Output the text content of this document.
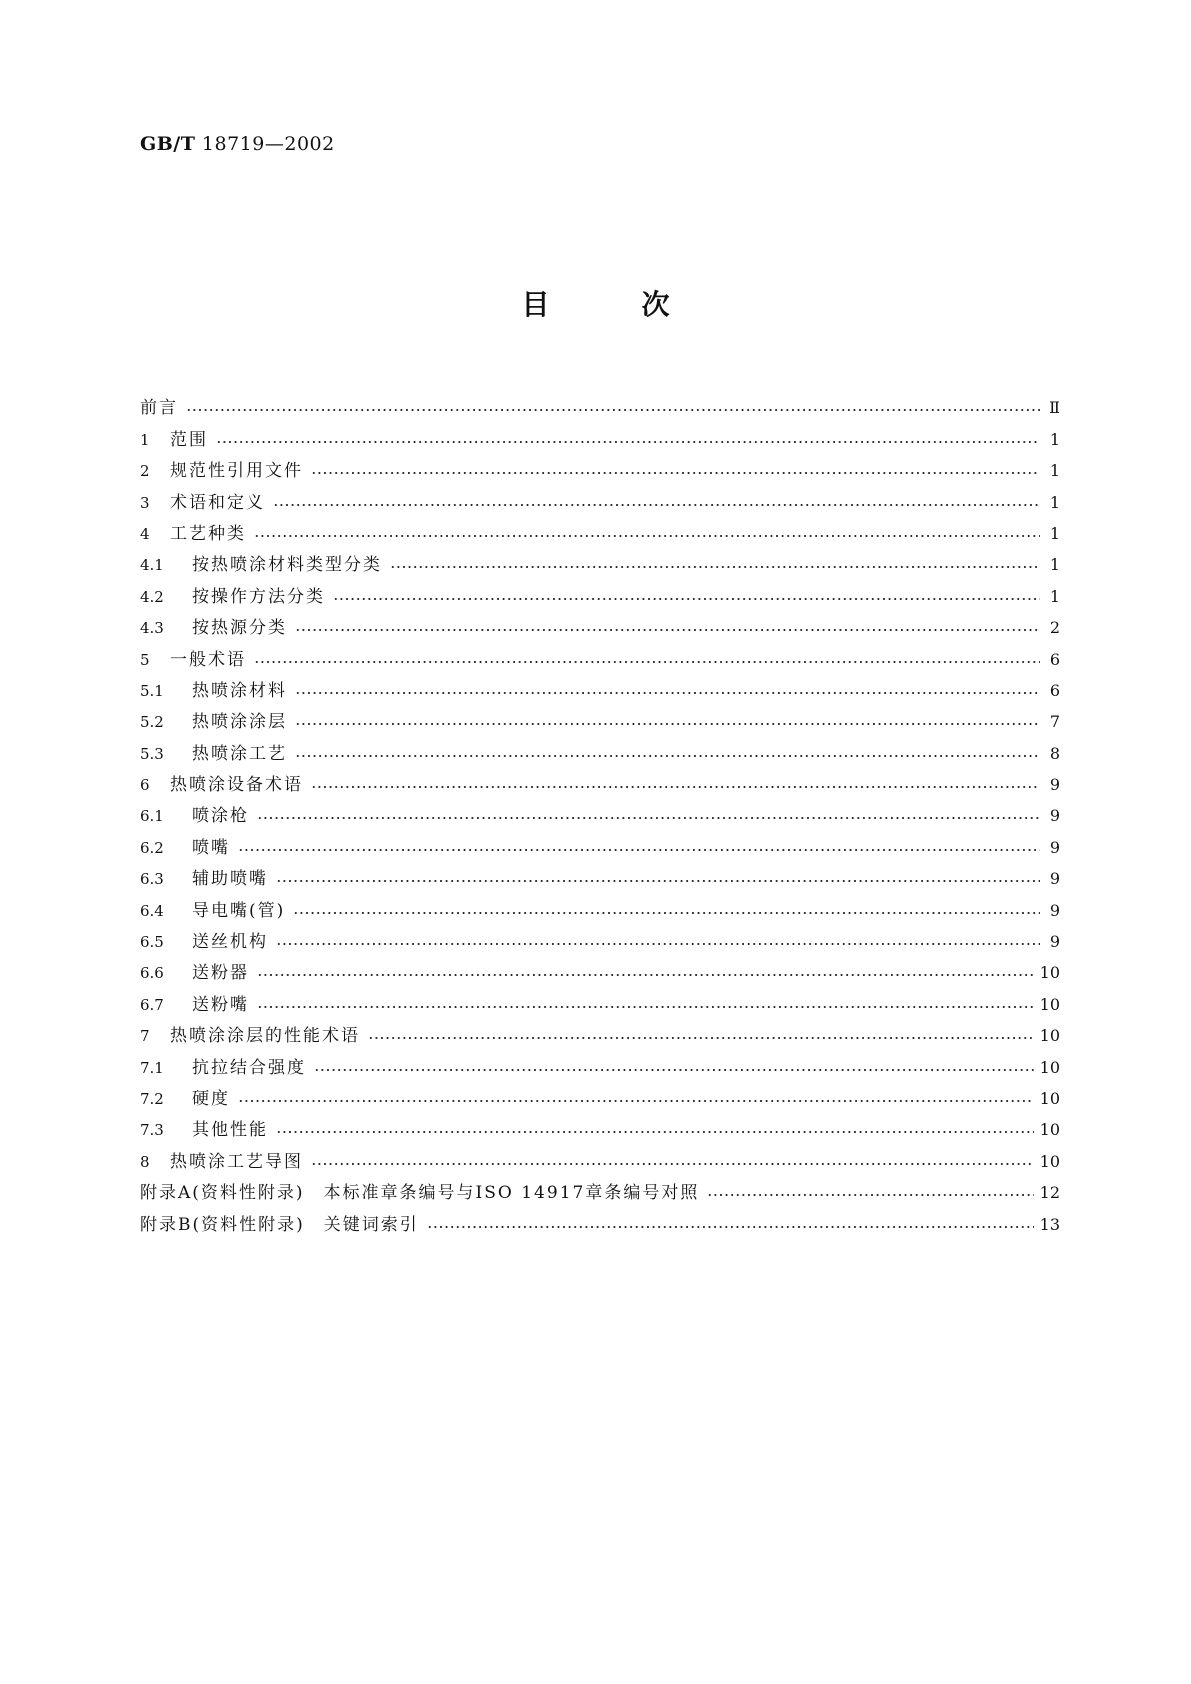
GB/T 18719—2002
目	次
前言	Ⅱ
1	范围	1
2	规范性引用文件	1
3	术语和定义	1
4	工艺种类	1
4.1	按热喷涂材料类型分类	1
4.2	按操作方法分类	1
4.3	按热源分类	2
5	一般术语	6
5.1	热喷涂材料	6
5.2	热喷涂涂层	7
5.3	热喷涂工艺	8
6	热喷涂设备术语	9
6.1	喷涂枪	9
6.2	喷嘴	9
6.3	辅助喷嘴	9
6.4	导电嘴(管)	9
6.5	送丝机构	9
6.6	送粉器	10
6.7	送粉嘴	10
7	热喷涂涂层的性能术语	10
7.1	抗拉结合强度	10
7.2	硬度	10
7.3	其他性能	10
8	热喷涂工艺导图	10
附录A(资料性附录)　本标准章条编号与ISO 14917章条编号对照	12
附录B(资料性附录)　关键词索引	13
